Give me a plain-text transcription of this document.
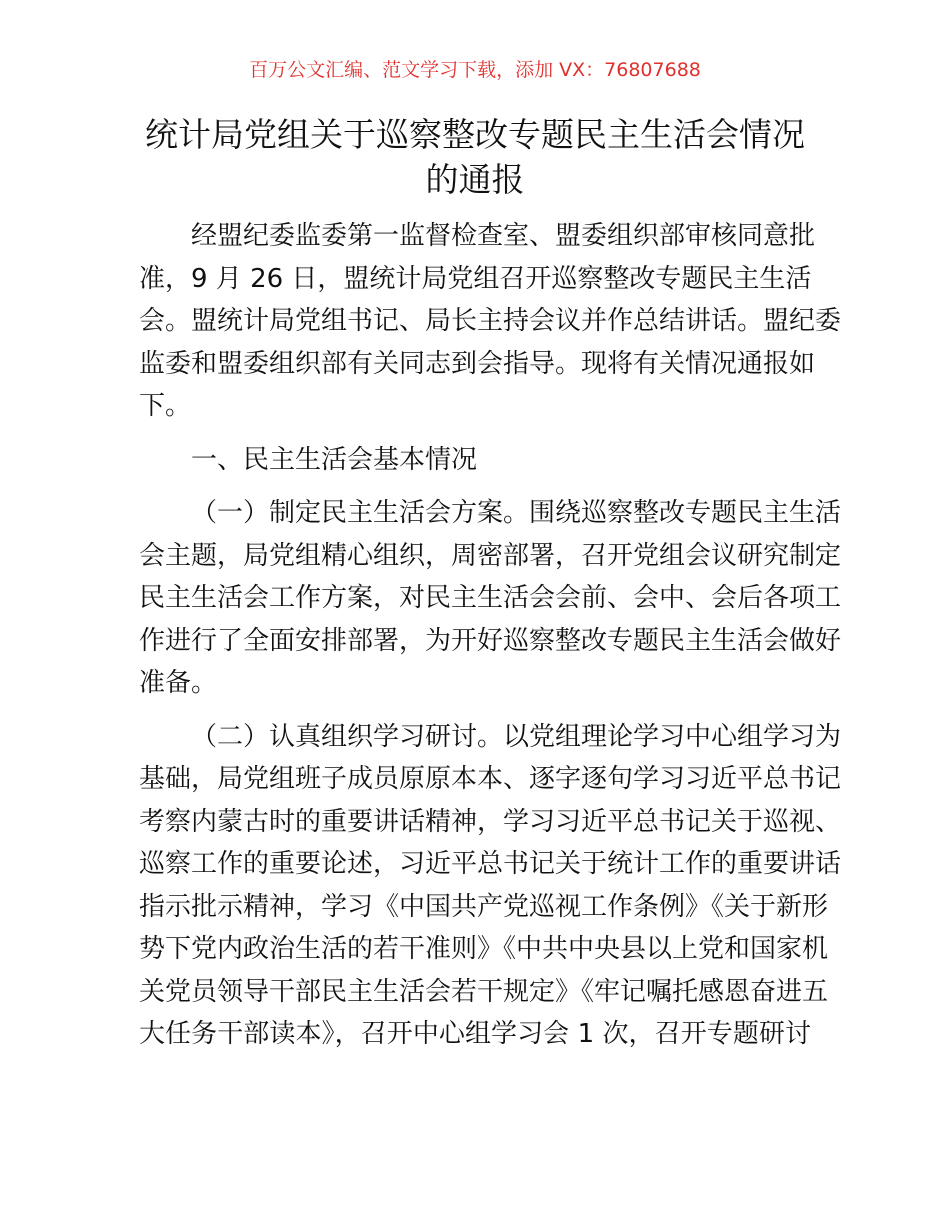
百万公文汇编、范文学习下载，添加 VX：76807688
统计局党组关于巡察整改专题民主生活会情况
的通报
经盟纪委监委第一监督检查室、盟委组织部审核同意批
准，9 月 26 日，盟统计局党组召开巡察整改专题民主生活
会。盟统计局党组书记、局长主持会议并作总结讲话。盟纪委
监委和盟委组织部有关同志到会指导。现将有关情况通报如
下。
一、民主生活会基本情况
（一）制定民主生活会方案。围绕巡察整改专题民主生活
会主题，局党组精心组织，周密部署，召开党组会议研究制定
民主生活会工作方案，对民主生活会会前、会中、会后各项工
作进行了全面安排部署，为开好巡察整改专题民主生活会做好
准备。
（二）认真组织学习研讨。以党组理论学习中心组学习为
基础，局党组班子成员原原本本、逐字逐句学习习近平总书记
考察内蒙古时的重要讲话精神，学习习近平总书记关于巡视、
巡察工作的重要论述，习近平总书记关于统计工作的重要讲话
指示批示精神，学习《中国共产党巡视工作条例》《关于新形
势下党内政治生活的若干准则》《中共中央县以上党和国家机
关党员领导干部民主生活会若干规定》《牢记嘱托感恩奋进五
大任务干部读本》，召开中心组学习会 1 次，召开专题研讨
